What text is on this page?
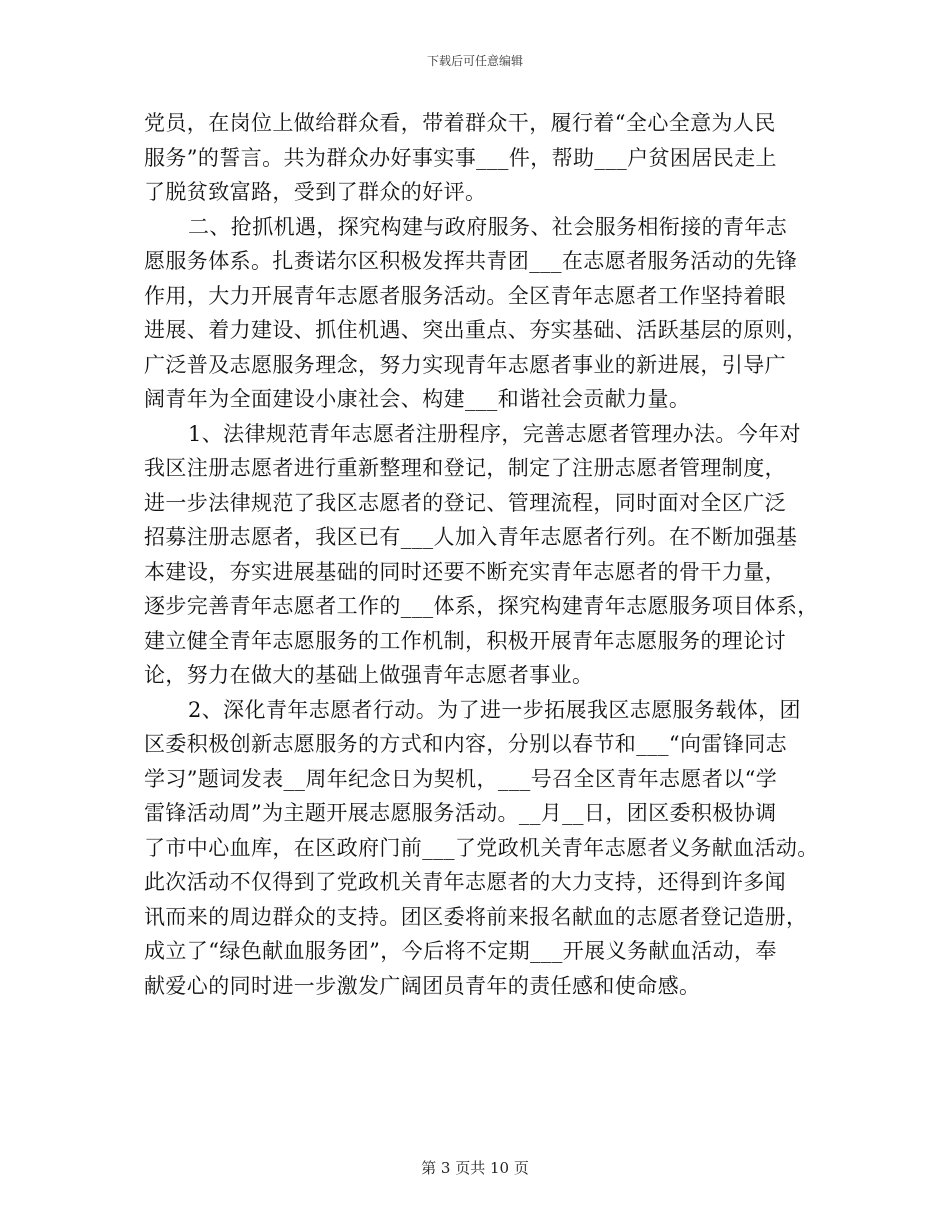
下载后可任意编辑
党员，在岗位上做给群众看，带着群众干，履行着“全心全意为人民
服务”的誓言。共为群众办好事实事___件，帮助___户贫困居民走上
了脱贫致富路，受到了群众的好评。
二、抢抓机遇，探究构建与政府服务、社会服务相衔接的青年志
愿服务体系。扎赉诺尔区积极发挥共青团___在志愿者服务活动的先锋
作用，大力开展青年志愿者服务活动。全区青年志愿者工作坚持着眼
进展、着力建设、抓住机遇、突出重点、夯实基础、活跃基层的原则，
广泛普及志愿服务理念，努力实现青年志愿者事业的新进展，引导广
阔青年为全面建设小康社会、构建___和谐社会贡献力量。
1、法律规范青年志愿者注册程序，完善志愿者管理办法。今年对
我区注册志愿者进行重新整理和登记，制定了注册志愿者管理制度，
进一步法律规范了我区志愿者的登记、管理流程，同时面对全区广泛
招募注册志愿者，我区已有___人加入青年志愿者行列。在不断加强基
本建设，夯实进展基础的同时还要不断充实青年志愿者的骨干力量，
逐步完善青年志愿者工作的___体系，探究构建青年志愿服务项目体系，
建立健全青年志愿服务的工作机制，积极开展青年志愿服务的理论讨
论，努力在做大的基础上做强青年志愿者事业。
2、深化青年志愿者行动。为了进一步拓展我区志愿服务载体，团
区委积极创新志愿服务的方式和内容，分别以春节和___“向雷锋同志
学习”题词发表__周年纪念日为契机，___号召全区青年志愿者以“学
雷锋活动周”为主题开展志愿服务活动。__月__日，团区委积极协调
了市中心血库，在区政府门前___了党政机关青年志愿者义务献血活动。
此次活动不仅得到了党政机关青年志愿者的大力支持，还得到许多闻
讯而来的周边群众的支持。团区委将前来报名献血的志愿者登记造册，
成立了“绿色献血服务团”，今后将不定期___开展义务献血活动，奉
献爱心的同时进一步激发广阔团员青年的责任感和使命感。
第 3 页共 10 页
